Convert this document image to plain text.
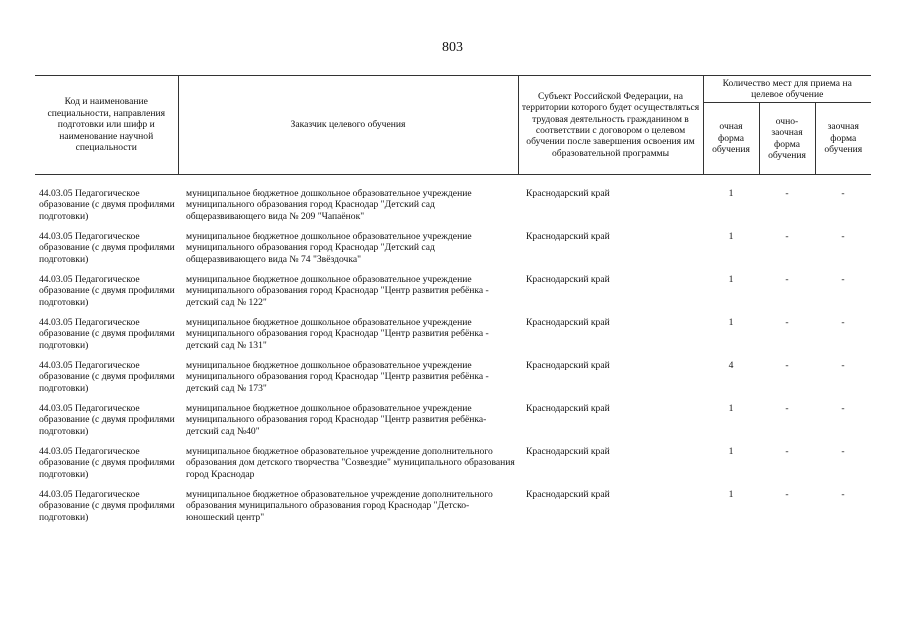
803
Код и наименование специальности, направления подготовки или шифр и наименование научной специальности	Заказчик целевого обучения	Субъект Российской Федерации, на территории которого будет осуществляться трудовая деятельность гражданином в соответствии с договором о целевом обучении после завершения освоения им образовательной программы	Количество мест для приема на целевое обучение		
			очная форма обучения	очно-заочная форма обучения	заочная форма обучения
44.03.05 Педагогическое образование (с двумя профилями подготовки)	муниципальное бюджетное дошкольное образовательное учреждение муниципального образования город Краснодар "Детский сад общеразвивающего вида № 209 "Чапаёнок"	Краснодарский край	1	-	-
44.03.05 Педагогическое образование (с двумя профилями подготовки)	муниципальное бюджетное дошкольное образовательное учреждение муниципального образования город Краснодар "Детский сад общеразвивающего вида № 74 "Звёздочка"	Краснодарский край	1	-	-
44.03.05 Педагогическое образование (с двумя профилями подготовки)	муниципальное бюджетное дошкольное образовательное учреждение муниципального образования город Краснодар "Центр развития ребёнка - детский сад № 122"	Краснодарский край	1	-	-
44.03.05 Педагогическое образование (с двумя профилями подготовки)	муниципальное бюджетное дошкольное образовательное учреждение муниципального образования город Краснодар "Центр развития ребёнка - детский сад № 131"	Краснодарский край	1	-	-
44.03.05 Педагогическое образование (с двумя профилями подготовки)	муниципальное бюджетное дошкольное образовательное учреждение муниципального образования город Краснодар "Центр развития ребёнка - детский сад № 173"	Краснодарский край	4	-	-
44.03.05 Педагогическое образование (с двумя профилями подготовки)	муниципальное бюджетное дошкольное образовательное учреждение муниципального образования город Краснодар "Центр развития ребёнка-детский сад №40"	Краснодарский край	1	-	-
44.03.05 Педагогическое образование (с двумя профилями подготовки)	муниципальное бюджетное образовательное учреждение дополнительного образования дом детского творчества "Созвездие" муниципального образования город Краснодар	Краснодарский край	1	-	-
44.03.05 Педагогическое образование (с двумя профилями подготовки)	муниципальное бюджетное образовательное учреждение дополнительного образования муниципального образования город Краснодар "Детско-юношеский центр"	Краснодарский край	1	-	-
